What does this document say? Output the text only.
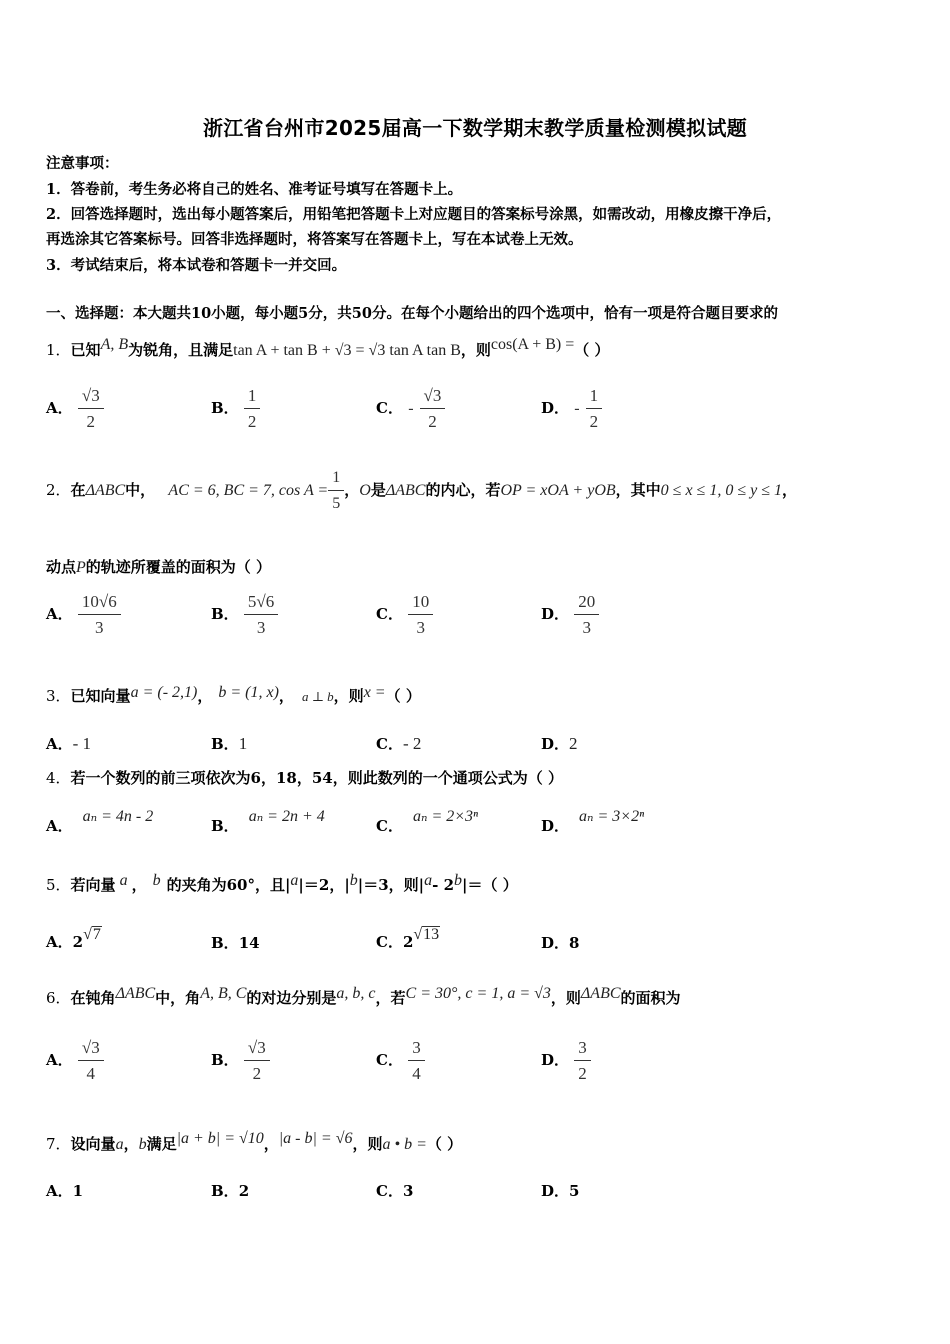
浙江省台州市2025届高一下数学期末教学质量检测模拟试题
注意事项：
1．答卷前，考生务必将自己的姓名、准考证号填写在答题卡上。
2．回答选择题时，选出每小题答案后，用铅笔把答题卡上对应题目的答案标号涂黑，如需改动，用橡皮擦干净后，
再选涂其它答案标号。回答非选择题时，将答案写在答题卡上，写在本试卷上无效。
3．考试结束后，将本试卷和答题卡一并交回。
一、选择题：本大题共10小题，每小题5分，共50分。在每个小题给出的四个选项中，恰有一项是符合题目要求的
1．已知A, B为锐角，且满足tan A + tan B + √3 = √3 tan A tan B，则cos(A + B) =（ ）
A． $\frac{√3}{2}$	B． $\frac{1}{2}$	C． - $\frac{√3}{2}$	D． - $\frac{1}{2}$
2．在ΔABC中， AC = 6, BC = 7, $\cos A = \frac{1}{5}$ ，O是ΔABC的内心，若OP = xOA + yOB，其中0 ≤ x ≤ 1, 0 ≤ y ≤ 1，
动点P的轨迹所覆盖的面积为（ ）
A． $\frac{10√6}{3}$	B． $\frac{5√6}{3}$	C． $\frac{10}{3}$	D． $\frac{20}{3}$
3．已知向量a = (- 2,1)， b = (1, x)， a ⊥ b，则x =（ ）
A．- 1	B．1	C．- 2	D．2
4．若一个数列的前三项依次为6，18，54，则此数列的一个通项公式为（ ）
A．aₙ = 4n - 2
B．aₙ = 2n + 4
C．aₙ = 2×3ⁿ
D．aₙ = 3×2ⁿ
5．若向量 a ， b 的夹角为60°，且|a|＝2，|b|＝3，则|a- 2b|＝（ ）
A．2√7	B．14	C．2√13	D．8
6．在钝角ΔABC中，角A, B, C的对边分别是a, b, c，若C = 30°, c = 1, a = √3，则ΔABC的面积为
A． $\frac{√3}{4}$	B． $\frac{√3}{2}$	C． $\frac{3}{4}$	D． $\frac{3}{2}$
7．设向量a，b满足|a + b| = √10，|a - b| = √6，则a • b =（ ）
A．1	B．2	C．3	D．5
